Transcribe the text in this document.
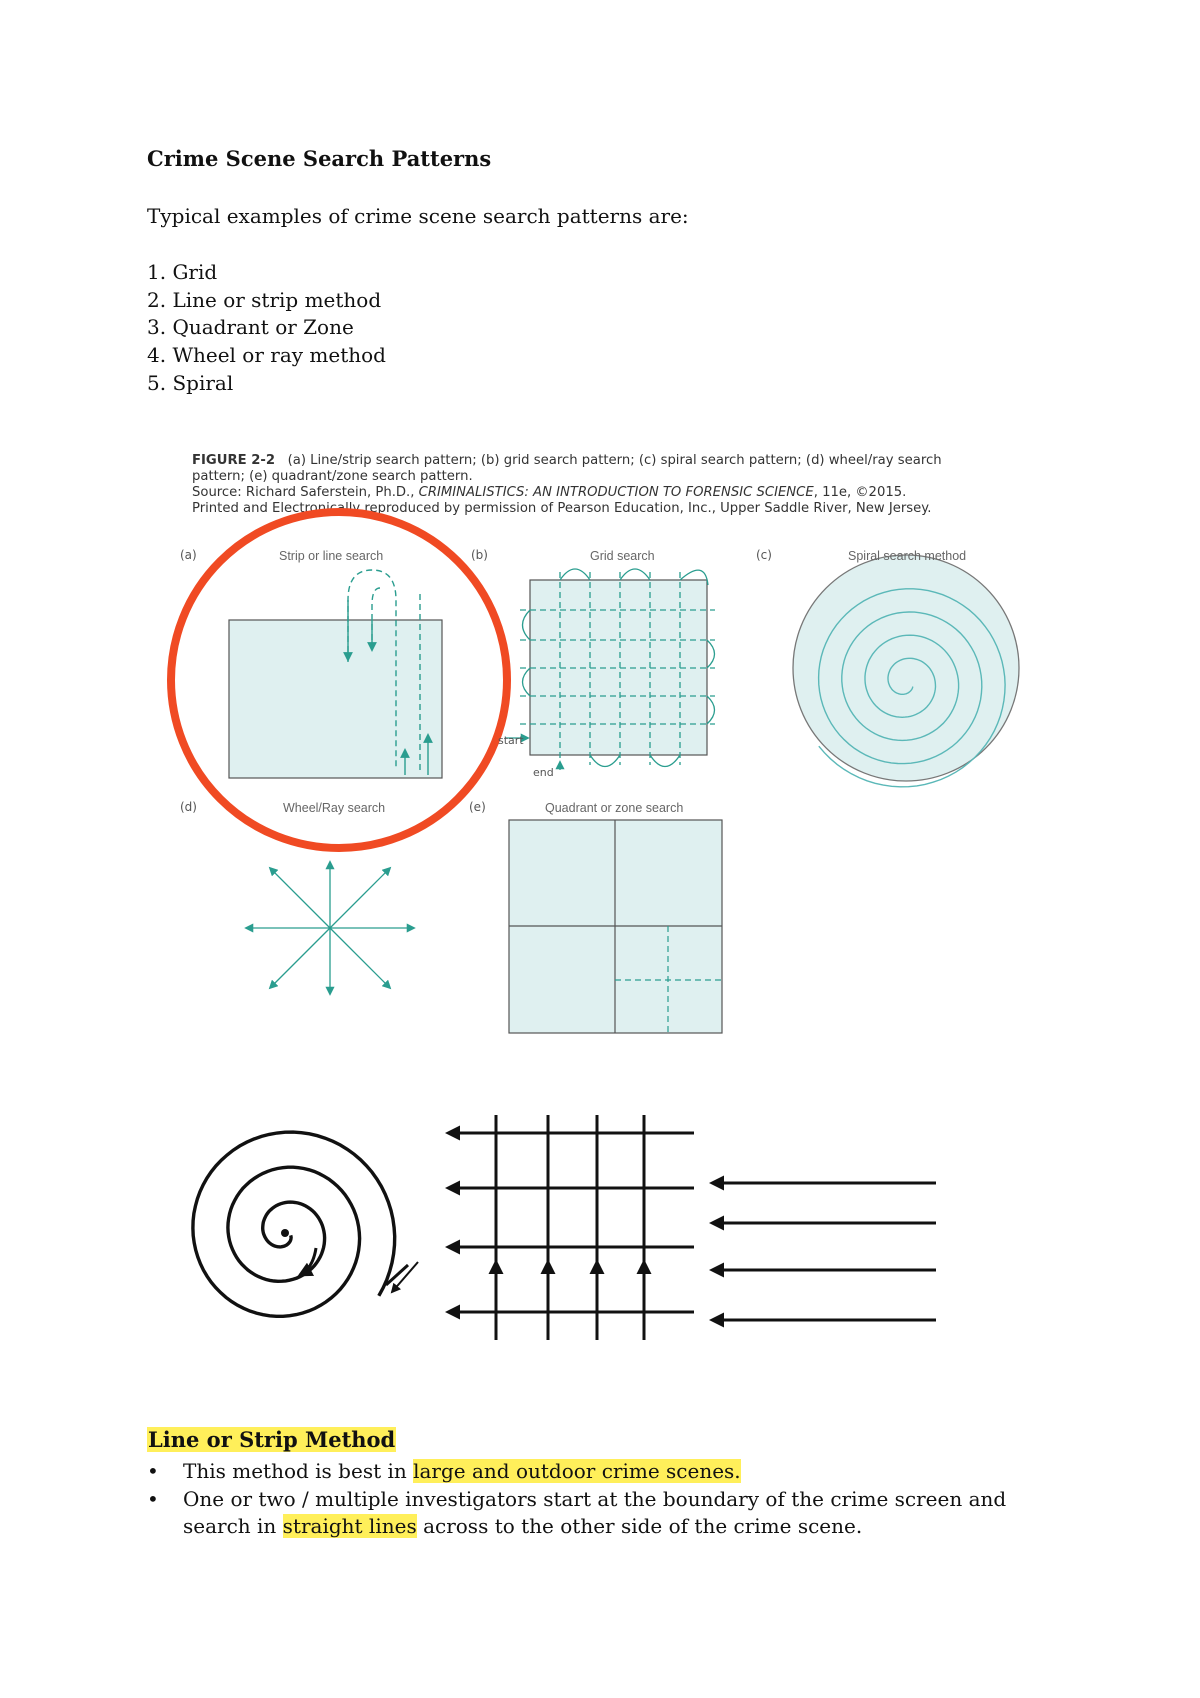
Crime Scene Search Patterns
Typical examples of crime scene search patterns are:
1. Grid
2. Line or strip method
3. Quadrant or Zone
4. Wheel or ray method
5. Spiral
FIGURE 2-2 (a) Line/strip search pattern; (b) grid search pattern; (c) spiral search pattern; (d) wheel/ray search
pattern; (e) quadrant/zone search pattern.
Source: Richard Saferstein, Ph.D., CRIMINALISTICS: AN INTRODUCTION TO FORENSIC SCIENCE, 11e, ©2015.
Printed and Electronically reproduced by permission of Pearson Education, Inc., Upper Saddle River, New Jersey.
(a)	Strip or line search	(b)	Grid search
start
end
(c)	Spiral search method
(d)	Wheel/Ray search	(e)	Quadrant or zone search
Line or Strip Method
• This method is best in large and outdoor crime scenes.
• One or two / multiple investigators start at the boundary of the crime screen and search in straight lines across to the other side of the crime scene.
